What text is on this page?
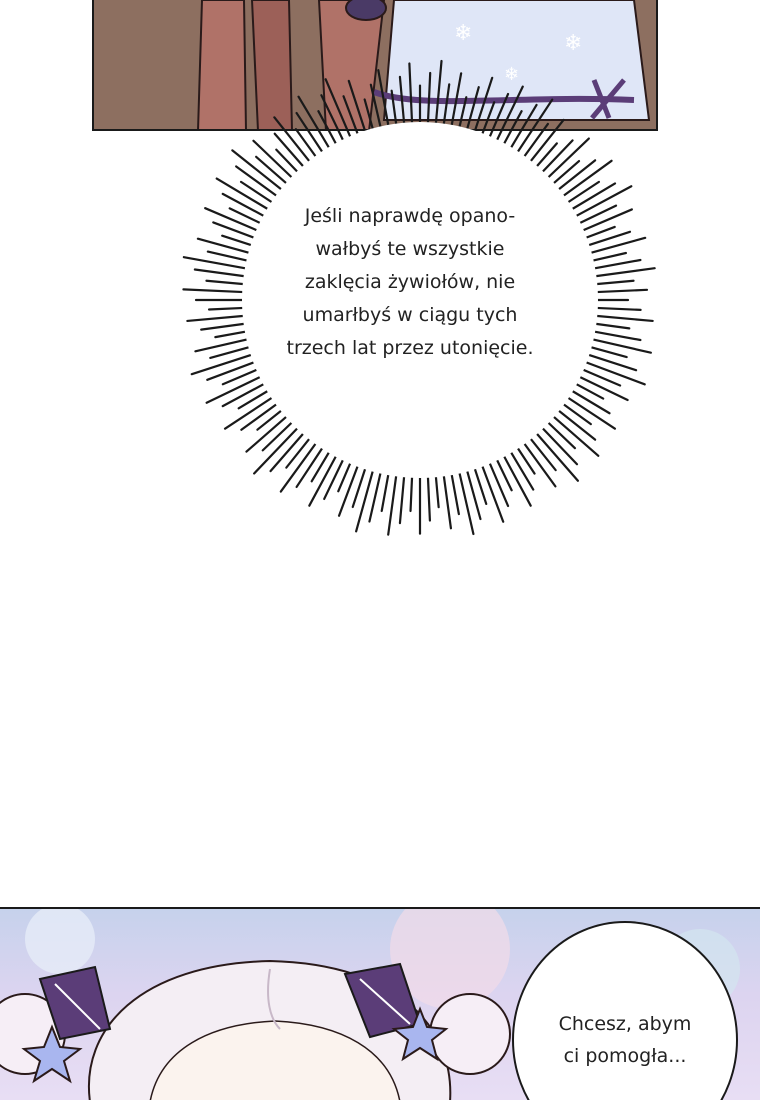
❄	❄
❄
Jeśli naprawdę opano-
wałbyś te wszystkie
zaklęcia żywiołów, nie
umarłbyś w ciągu tych
trzech lat przez utonięcie.
Chcesz, abym
ci pomogła...
